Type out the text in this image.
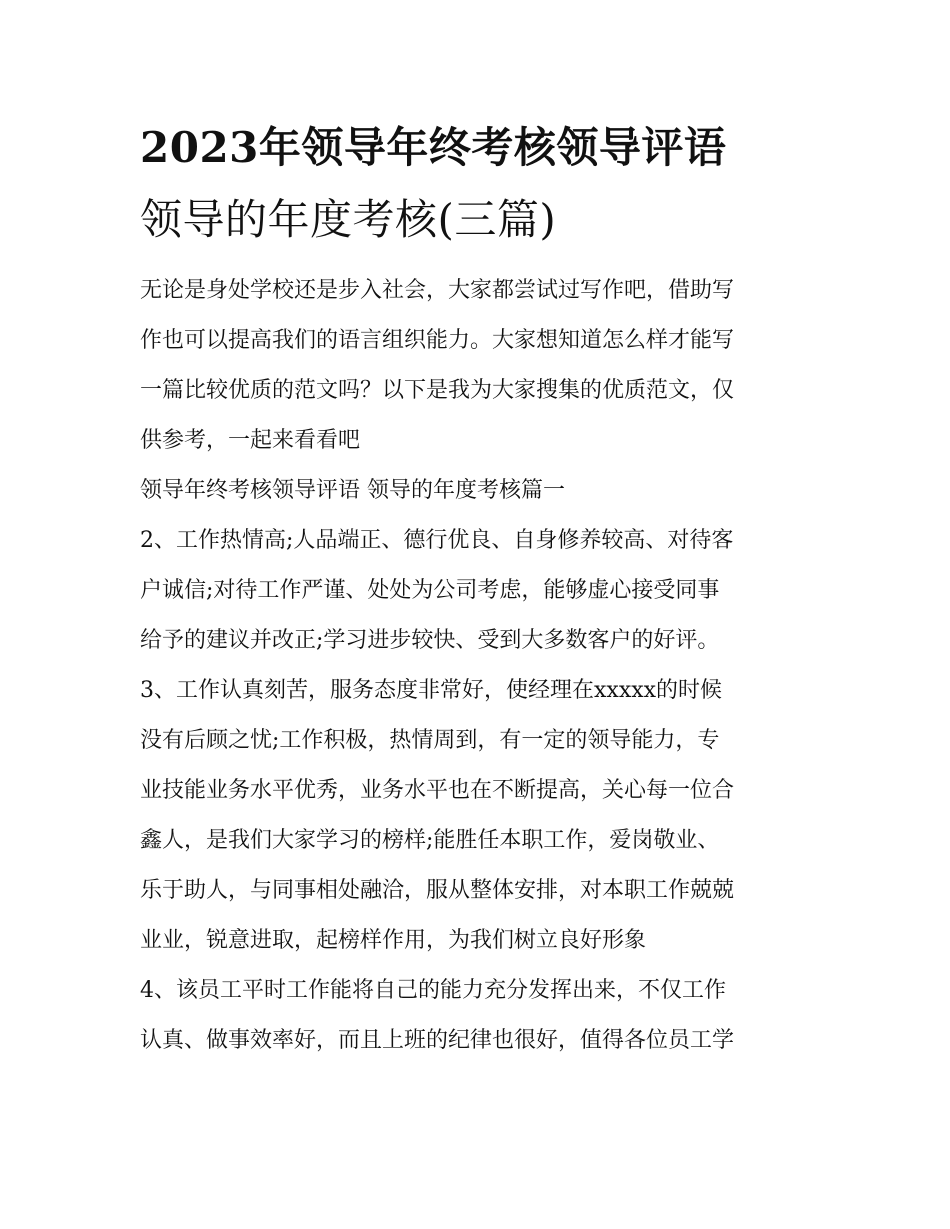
2023年领导年终考核领导评语
领导的年度考核(三篇)
无论是身处学校还是步入社会，大家都尝试过写作吧，借助写
作也可以提高我们的语言组织能力。大家想知道怎么样才能写
一篇比较优质的范文吗？以下是我为大家搜集的优质范文，仅
供参考，一起来看看吧
领导年终考核领导评语 领导的年度考核篇一
2、工作热情高;人品端正、德行优良、自身修养较高、对待客
户诚信;对待工作严谨、处处为公司考虑，能够虚心接受同事
给予的建议并改正;学习进步较快、受到大多数客户的好评。
3、工作认真刻苦，服务态度非常好，使经理在xxxxx的时候
没有后顾之忧;工作积极，热情周到，有一定的领导能力，专
业技能业务水平优秀，业务水平也在不断提高，关心每一位合
鑫人，是我们大家学习的榜样;能胜任本职工作，爱岗敬业、
乐于助人，与同事相处融洽，服从整体安排，对本职工作兢兢
业业，锐意进取，起榜样作用，为我们树立良好形象
4、该员工平时工作能将自己的能力充分发挥出来，不仅工作
认真、做事效率好，而且上班的纪律也很好，值得各位员工学
